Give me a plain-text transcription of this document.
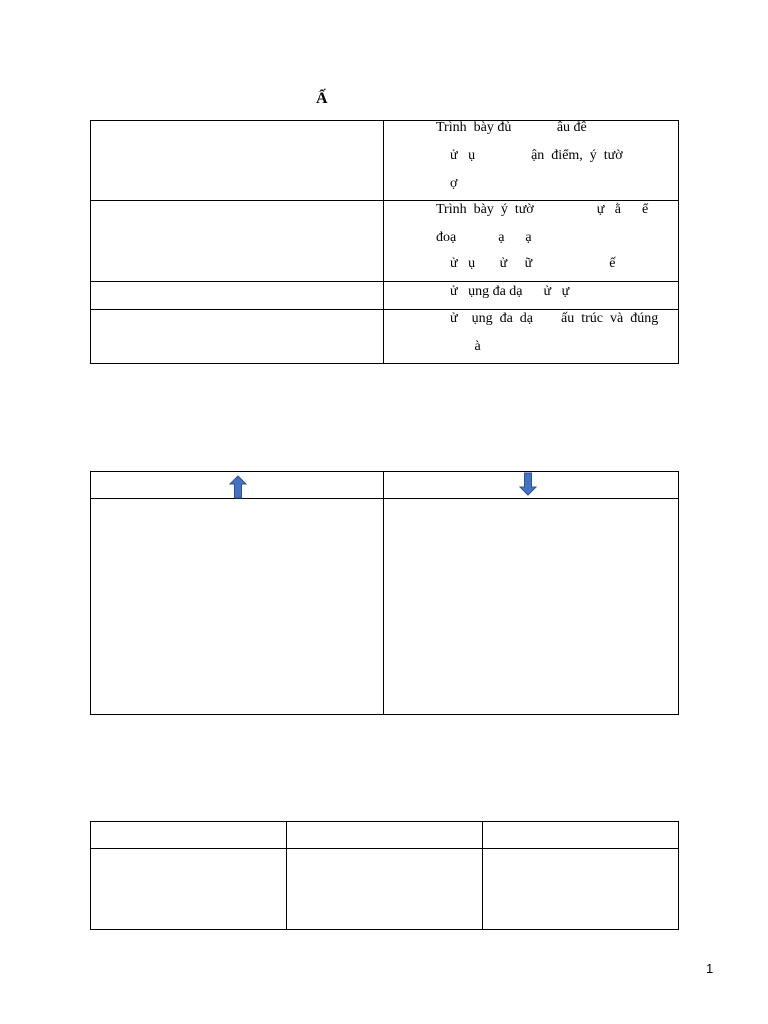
Ấ
Trình  bày đủ             âu đê
ử   ụ                ận  điểm,  ý  tườ
ợ
Trình  bày  ý  tườ                  ự   ằ      ể
đoạ            ạ      ạ
ử   ụ       ử     ữ                      ế
ử   ụng đa dạ      ử   ự
ử    ụng  đa  dạ        ấu  trúc  và  đúng
à
1
